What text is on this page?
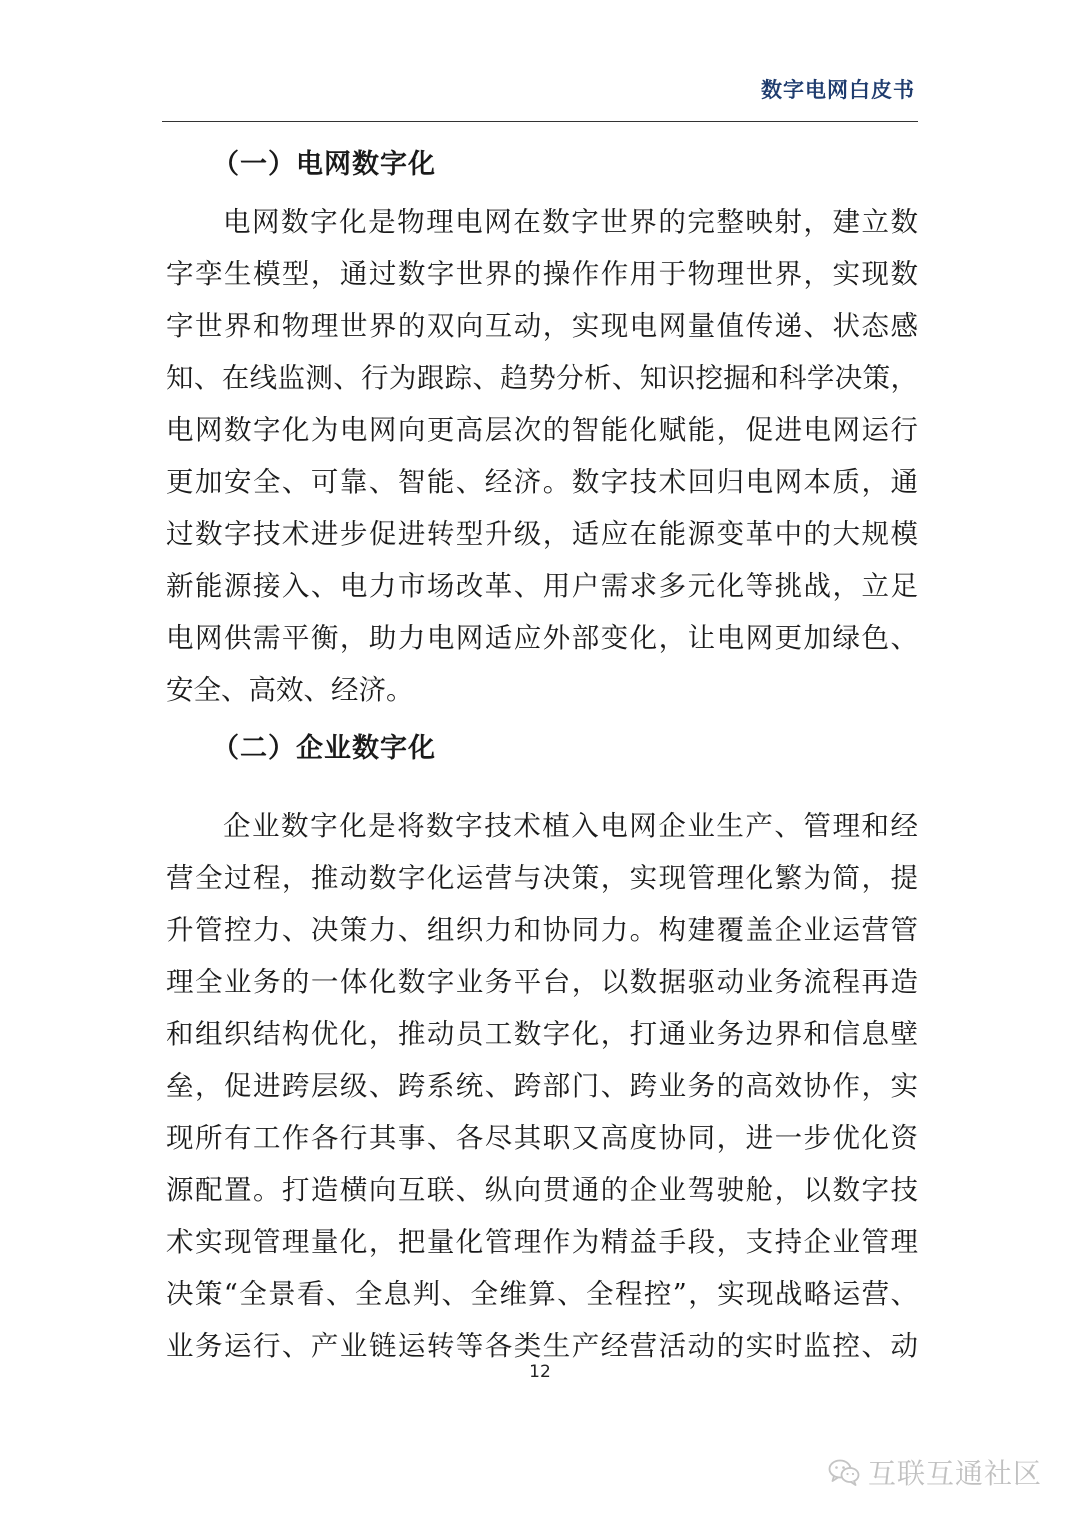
数字电网白皮书
（一）电网数字化
电网数字化是物理电网在数字世界的完整映射，建立数
字孪生模型，通过数字世界的操作作用于物理世界，实现数
字世界和物理世界的双向互动，实现电网量值传递、状态感
知、在线监测、行为跟踪、趋势分析、知识挖掘和科学决策，
电网数字化为电网向更高层次的智能化赋能，促进电网运行
更加安全、可靠、智能、经济。数字技术回归电网本质，通
过数字技术进步促进转型升级，适应在能源变革中的大规模
新能源接入、电力市场改革、用户需求多元化等挑战，立足
电网供需平衡，助力电网适应外部变化，让电网更加绿色、
安全、高效、经济。
（二）企业数字化
企业数字化是将数字技术植入电网企业生产、管理和经
营全过程，推动数字化运营与决策，实现管理化繁为简，提
升管控力、决策力、组织力和协同力。构建覆盖企业运营管
理全业务的一体化数字业务平台，以数据驱动业务流程再造
和组织结构优化，推动员工数字化，打通业务边界和信息壁
垒，促进跨层级、跨系统、跨部门、跨业务的高效协作，实
现所有工作各行其事、各尽其职又高度协同，进一步优化资
源配置。打造横向互联、纵向贯通的企业驾驶舱，以数字技
术实现管理量化，把量化管理作为精益手段，支持企业管理
决策“全景看、全息判、全维算、全程控”，实现战略运营、
业务运行、产业链运转等各类生产经营活动的实时监控、动
12
互联互通社区
